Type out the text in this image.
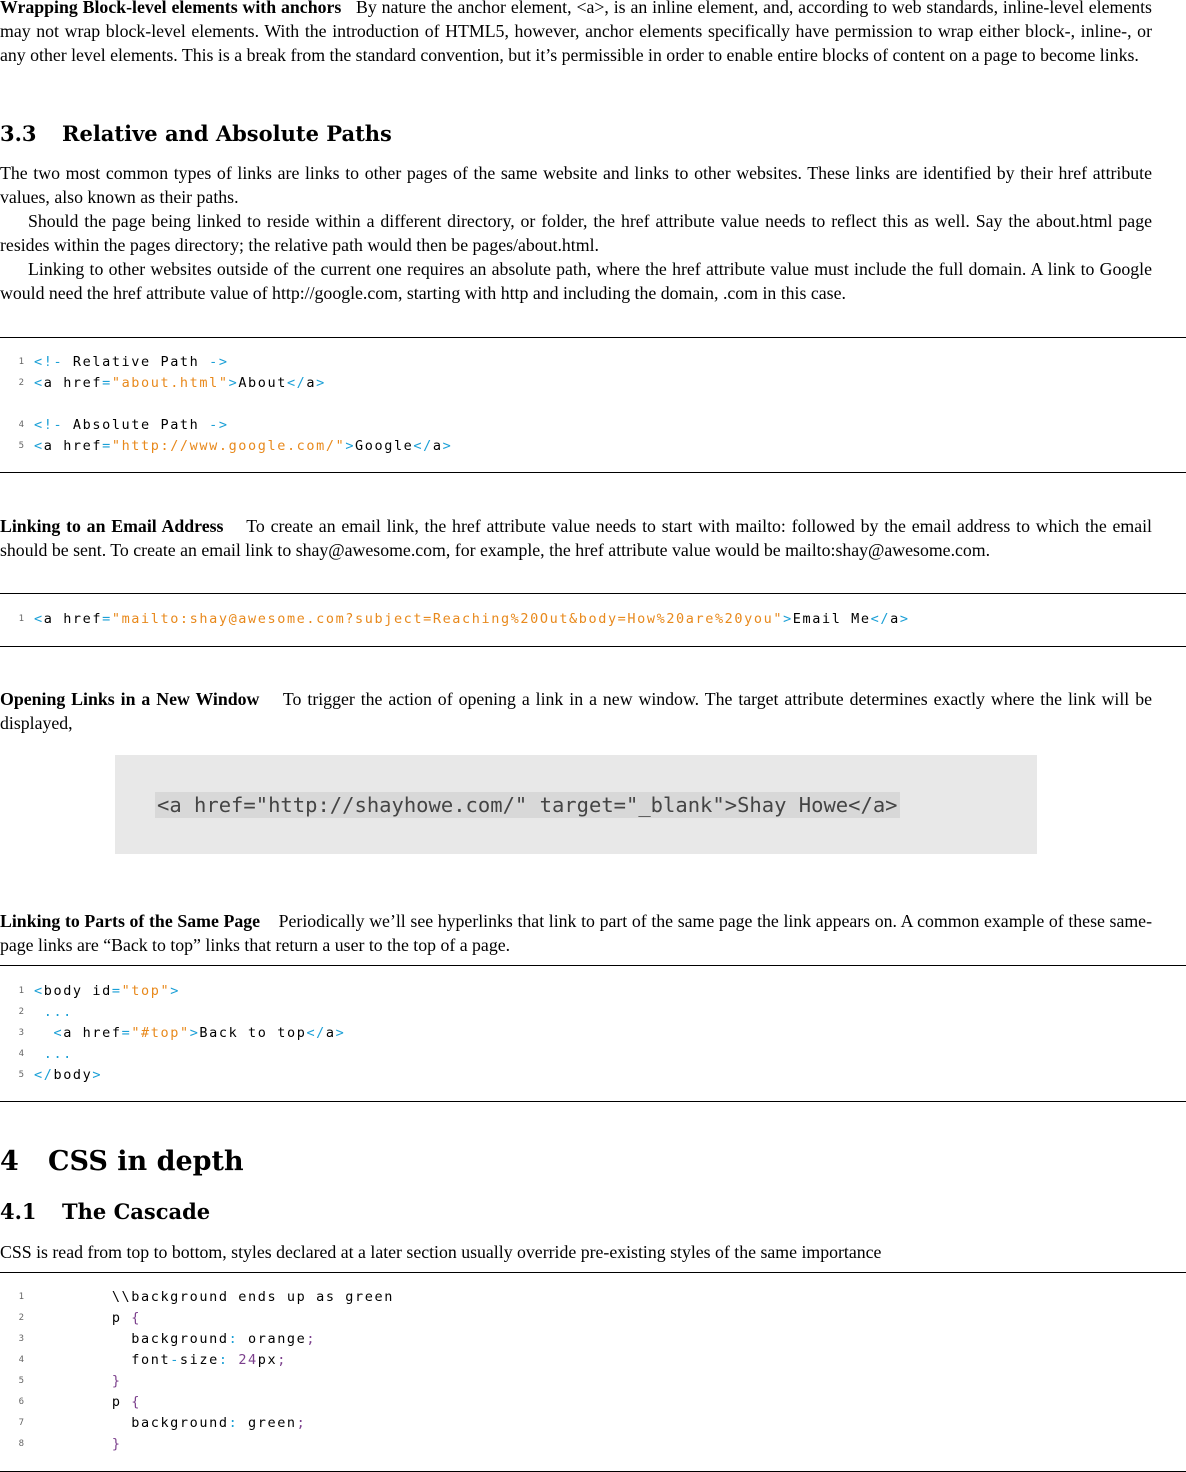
Wrapping Block-level elements with anchors By nature the anchor element, <a>, is an inline element, and, according to web standards, inline-level elements may not wrap block-level elements. With the introduction of HTML5, however, anchor elements specifically have permission to wrap either block-, inline-, or any other level elements. This is a break from the standard convention, but it’s permissible in order to enable entire blocks of content on a page to become links.
3.3 Relative and Absolute Paths
The two most common types of links are links to other pages of the same website and links to other websites. These links are identified by their href attribute values, also known as their paths.
Should the page being linked to reside within a different directory, or folder, the href attribute value needs to reflect this as well. Say the about.html page resides within the pages directory; the relative path would then be pages/about.html.
Linking to other websites outside of the current one requires an absolute path, where the href attribute value must include the full domain. A link to Google would need the href attribute value of http://google.com, starting with http and including the domain, .com in this case.
1 <!- Relative Path ->
2 <a href="about.html">About</a>
4 <!- Absolute Path ->
5 <a href="http://www.google.com/">Google</a>
Linking to an Email Address To create an email link, the href attribute value needs to start with mailto: followed by the email address to which the email should be sent. To create an email link to shay@awesome.com, for example, the href attribute value would be mailto:shay@awesome.com.
1 <a href="mailto:shay@awesome.com?subject=Reaching%20Out&body=How%20are%20you">Email Me</a>
Opening Links in a New Window To trigger the action of opening a link in a new window. The target attribute determines exactly where the link will be displayed,
<a href="http://shayhowe.com/" target="_blank">Shay Howe</a>
Linking to Parts of the Same Page Periodically we’ll see hyperlinks that link to part of the same page the link appears on. A common example of these same-page links are “Back to top” links that return a user to the top of a page.
1 <body id="top">
2 ...
3	<a href="#top">Back to top</a>
4 ...
5 </body>
4 CSS in depth
4.1 The Cascade
CSS is read from top to bottom, styles declared at a later section usually override pre-existing styles of the same importance
1 \\background ends up as green
2 p {
3 background: orange;
4 font-size: 24px;
5 }
6 p {
7 background: green;
8 }
